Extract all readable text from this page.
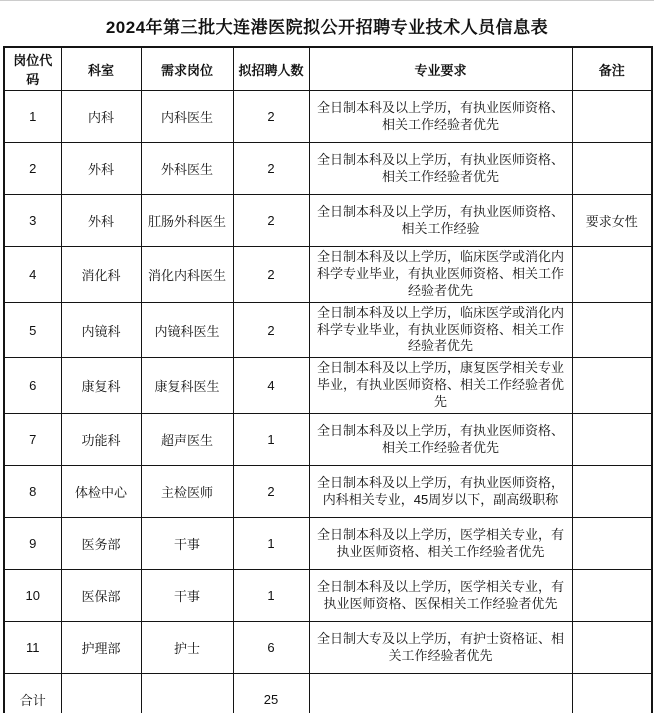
2024年第三批大连港医院拟公开招聘专业技术人员信息表
岗位代码	科室	需求岗位	拟招聘人数	专业要求	备注
1	内科	内科医生	2	全日制本科及以上学历，有执业医师资格、相关工作经验者优先	
2	外科	外科医生	2	全日制本科及以上学历，有执业医师资格、相关工作经验者优先	
3	外科	肛肠外科医生	2	全日制本科及以上学历，有执业医师资格、相关工作经验	要求女性
4	消化科	消化内科医生	2	全日制本科及以上学历，临床医学或消化内科学专业毕业，有执业医师资格、相关工作经验者优先	
5	内镜科	内镜科医生	2	全日制本科及以上学历，临床医学或消化内科学专业毕业，有执业医师资格、相关工作经验者优先	
6	康复科	康复科医生	4	全日制本科及以上学历，康复医学相关专业毕业，有执业医师资格、相关工作经验者优先	
7	功能科	超声医生	1	全日制本科及以上学历，有执业医师资格、相关工作经验者优先	
8	体检中心	主检医师	2	全日制本科及以上学历，有执业医师资格，内科相关专业，45周岁以下，副高级职称	
9	医务部	干事	1	全日制本科及以上学历，医学相关专业，有执业医师资格、相关工作经验者优先	
10	医保部	干事	1	全日制本科及以上学历，医学相关专业，有执业医师资格、医保相关工作经验者优先	
11	护理部	护士	6	全日制大专及以上学历，有护士资格证、相关工作经验者优先	
合计			25		
